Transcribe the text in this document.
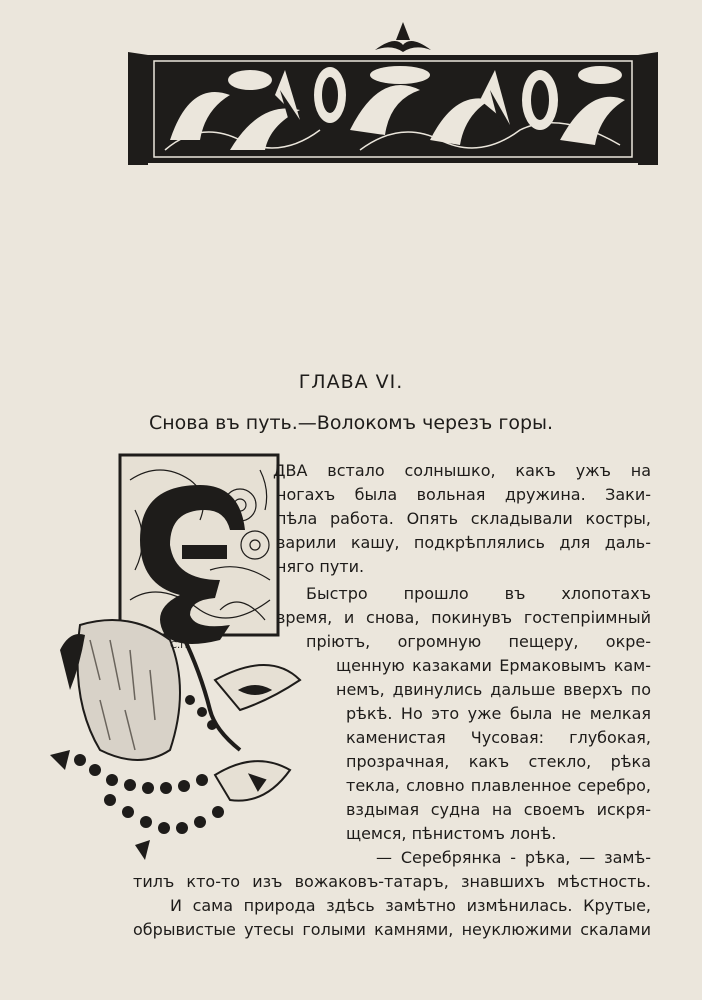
ГЛАВА VI.
Снова въ путь.—Волокомъ черезъ горы.
С.П.
ДВА встало солнышко, какъ ужъ на
ногахъ была вольная дружина. Заки-
пѣла работа. Опять складывали костры,
варили кашу, подкрѣплялись для даль-
няго пути.
Быстро прошло въ хлопотахъ
время, и снова, покинувъ гостепріимный
пріютъ, огромную пещеру, окре-
щенную казаками Ермаковымъ кам-
немъ, двинулись дальше вверхъ по
рѣкѣ. Но это уже была не мелкая
каменистая Чусовая: глубокая,
прозрачная, какъ стекло, рѣка
текла, словно плавленное серебро,
вздымая судна на своемъ искря-
щемся, пѣнистомъ лонѣ.
— Серебрянка - рѣка, — замѣ-
тилъ кто-то изъ вожаковъ-татаръ, знавшихъ мѣстность.
И сама природа здѣсь замѣтно измѣнилась. Крутые,
обрывистые утесы голыми камнями, неуклюжими скалами
